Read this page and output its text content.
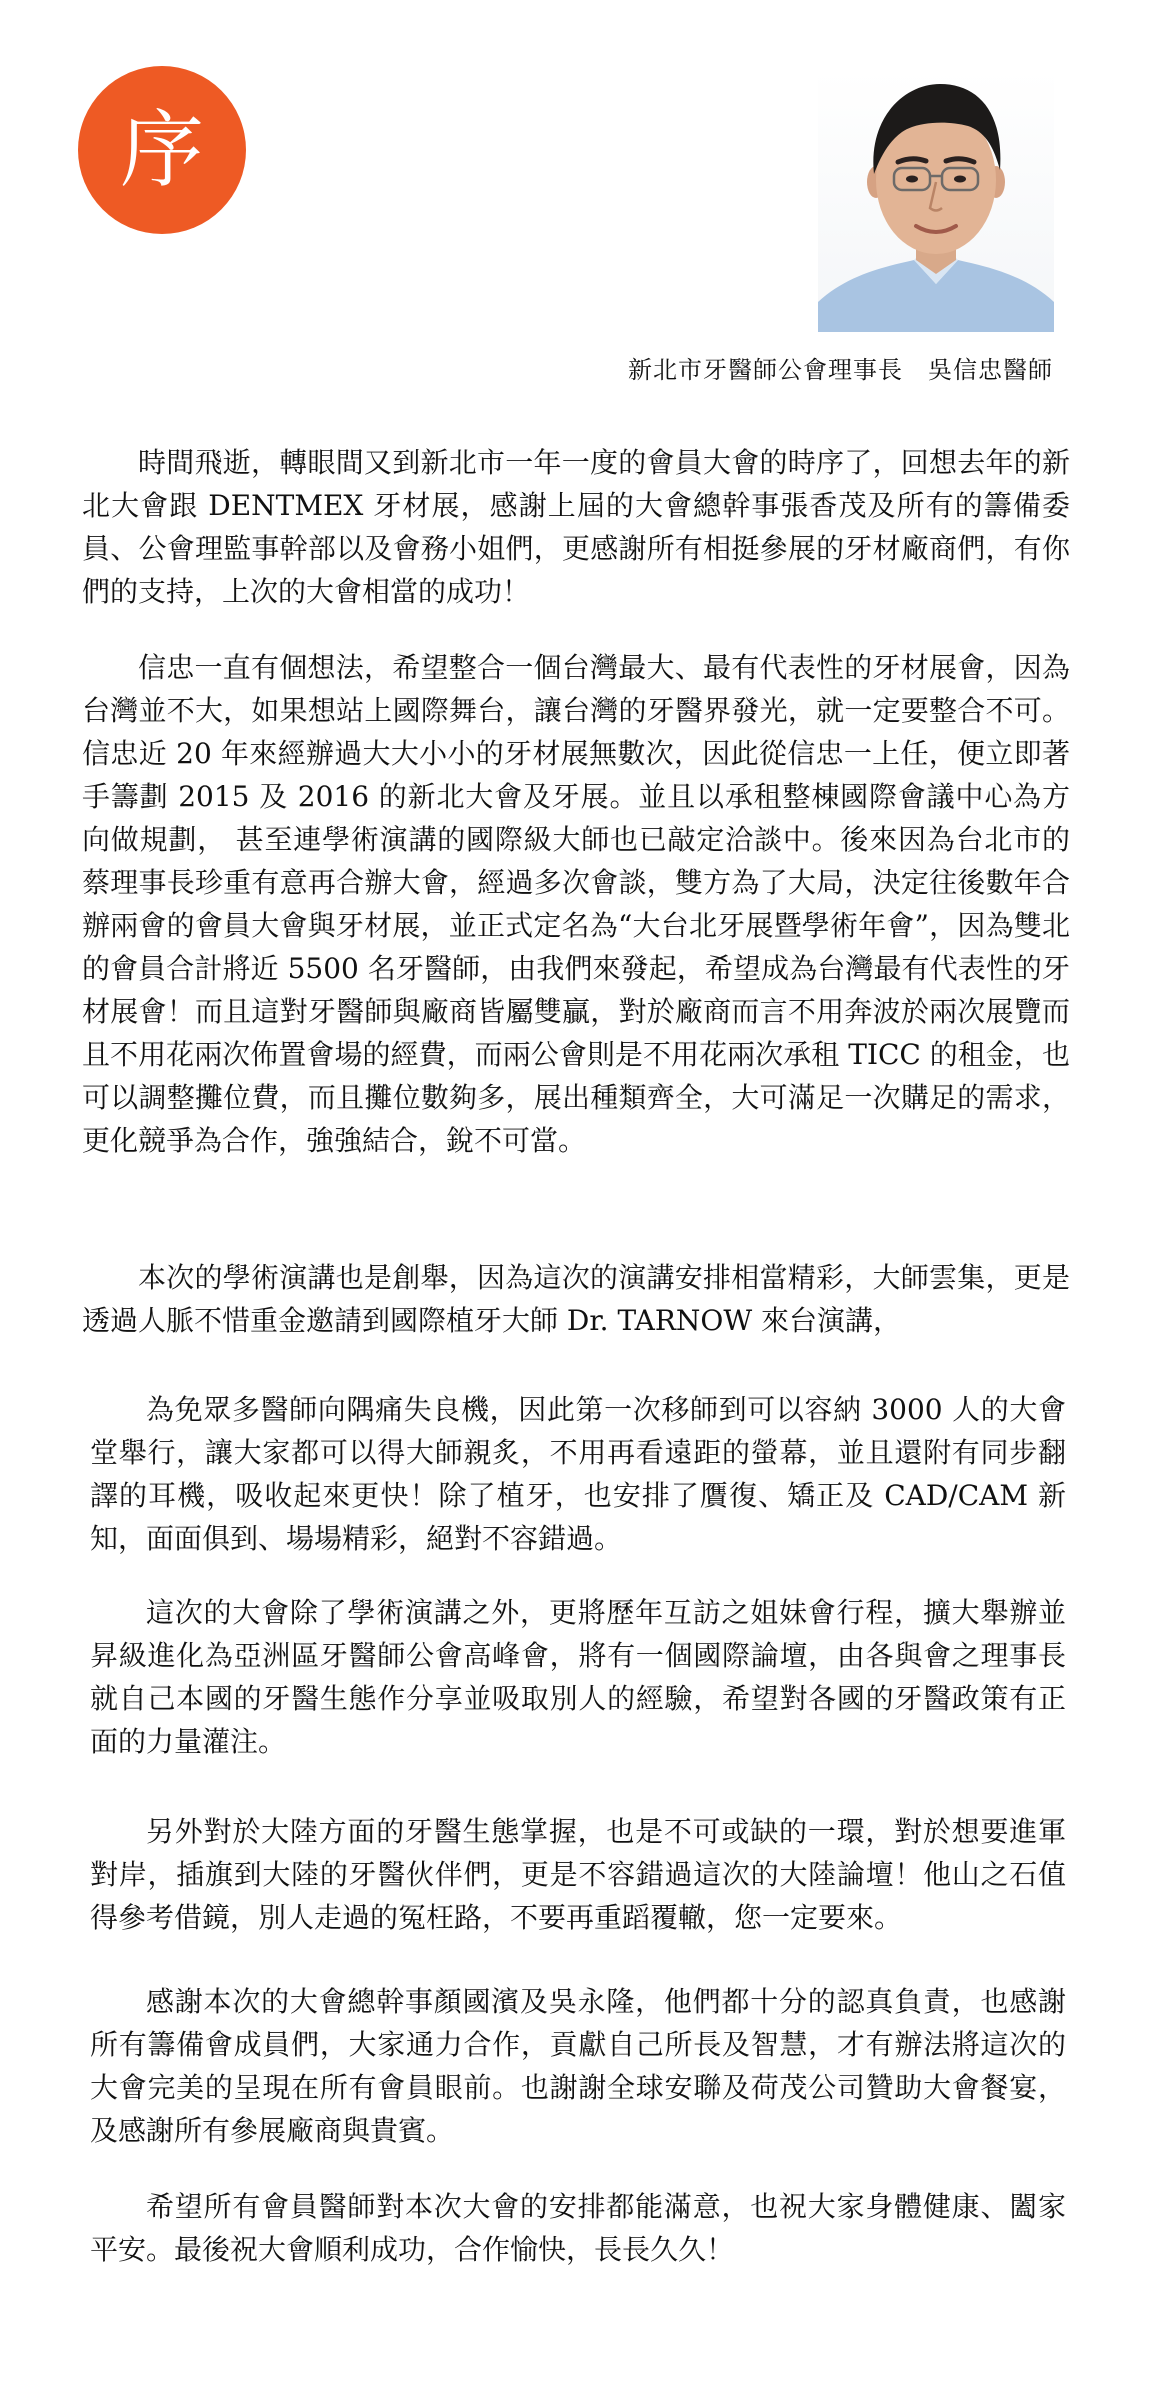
序
新北市牙醫師公會理事長　吳信忠醫師

時間飛逝，轉眼間又到新北市一年一度的會員大會的時序了，回想去年的新北大會跟 DENTMEX 牙材展，感謝上屆的大會總幹事張香茂及所有的籌備委員、公會理監事幹部以及會務小姐們，更感謝所有相挺參展的牙材廠商們，有你們的支持，上次的大會相當的成功！

信忠一直有個想法，希望整合一個台灣最大、最有代表性的牙材展會，因為台灣並不大，如果想站上國際舞台，讓台灣的牙醫界發光，就一定要整合不可。信忠近 20 年來經辦過大大小小的牙材展無數次，因此從信忠一上任，便立即著手籌劃 2015 及 2016 的新北大會及牙展。並且以承租整棟國際會議中心為方向做規劃， 甚至連學術演講的國際級大師也已敲定洽談中。後來因為台北市的蔡理事長珍重有意再合辦大會，經過多次會談，雙方為了大局，決定往後數年合辦兩會的會員大會與牙材展，並正式定名為“大台北牙展暨學術年會”，因為雙北的會員合計將近 5500 名牙醫師，由我們來發起，希望成為台灣最有代表性的牙材展會！而且這對牙醫師與廠商皆屬雙贏，對於廠商而言不用奔波於兩次展覽而且不用花兩次佈置會場的經費，而兩公會則是不用花兩次承租 TICC 的租金，也可以調整攤位費，而且攤位數夠多，展出種類齊全，大可滿足一次購足的需求，更化競爭為合作，強強結合，銳不可當。

本次的學術演講也是創舉，因為這次的演講安排相當精彩，大師雲集，更是透過人脈不惜重金邀請到國際植牙大師 Dr. TARNOW 來台演講，

為免眾多醫師向隅痛失良機，因此第一次移師到可以容納 3000 人的大會堂舉行，讓大家都可以得大師親炙，不用再看遠距的螢幕，並且還附有同步翻譯的耳機，吸收起來更快！除了植牙，也安排了贋復、矯正及 CAD/CAM 新知，面面俱到、場場精彩，絕對不容錯過。

這次的大會除了學術演講之外，更將歷年互訪之姐妹會行程，擴大舉辦並昇級進化為亞洲區牙醫師公會高峰會，將有一個國際論壇，由各與會之理事長就自己本國的牙醫生態作分享並吸取別人的經驗，希望對各國的牙醫政策有正面的力量灌注。

另外對於大陸方面的牙醫生態掌握，也是不可或缺的一環，對於想要進軍對岸，插旗到大陸的牙醫伙伴們，更是不容錯過這次的大陸論壇！他山之石值得參考借鏡，別人走過的冤枉路，不要再重蹈覆轍，您一定要來。

感謝本次的大會總幹事顏國濱及吳永隆，他們都十分的認真負責，也感謝所有籌備會成員們，大家通力合作，貢獻自己所長及智慧，才有辦法將這次的大會完美的呈現在所有會員眼前。也謝謝全球安聯及荷茂公司贊助大會餐宴，及感謝所有參展廠商與貴賓。

希望所有會員醫師對本次大會的安排都能滿意，也祝大家身體健康、闔家平安。最後祝大會順利成功，合作愉快，長長久久！
